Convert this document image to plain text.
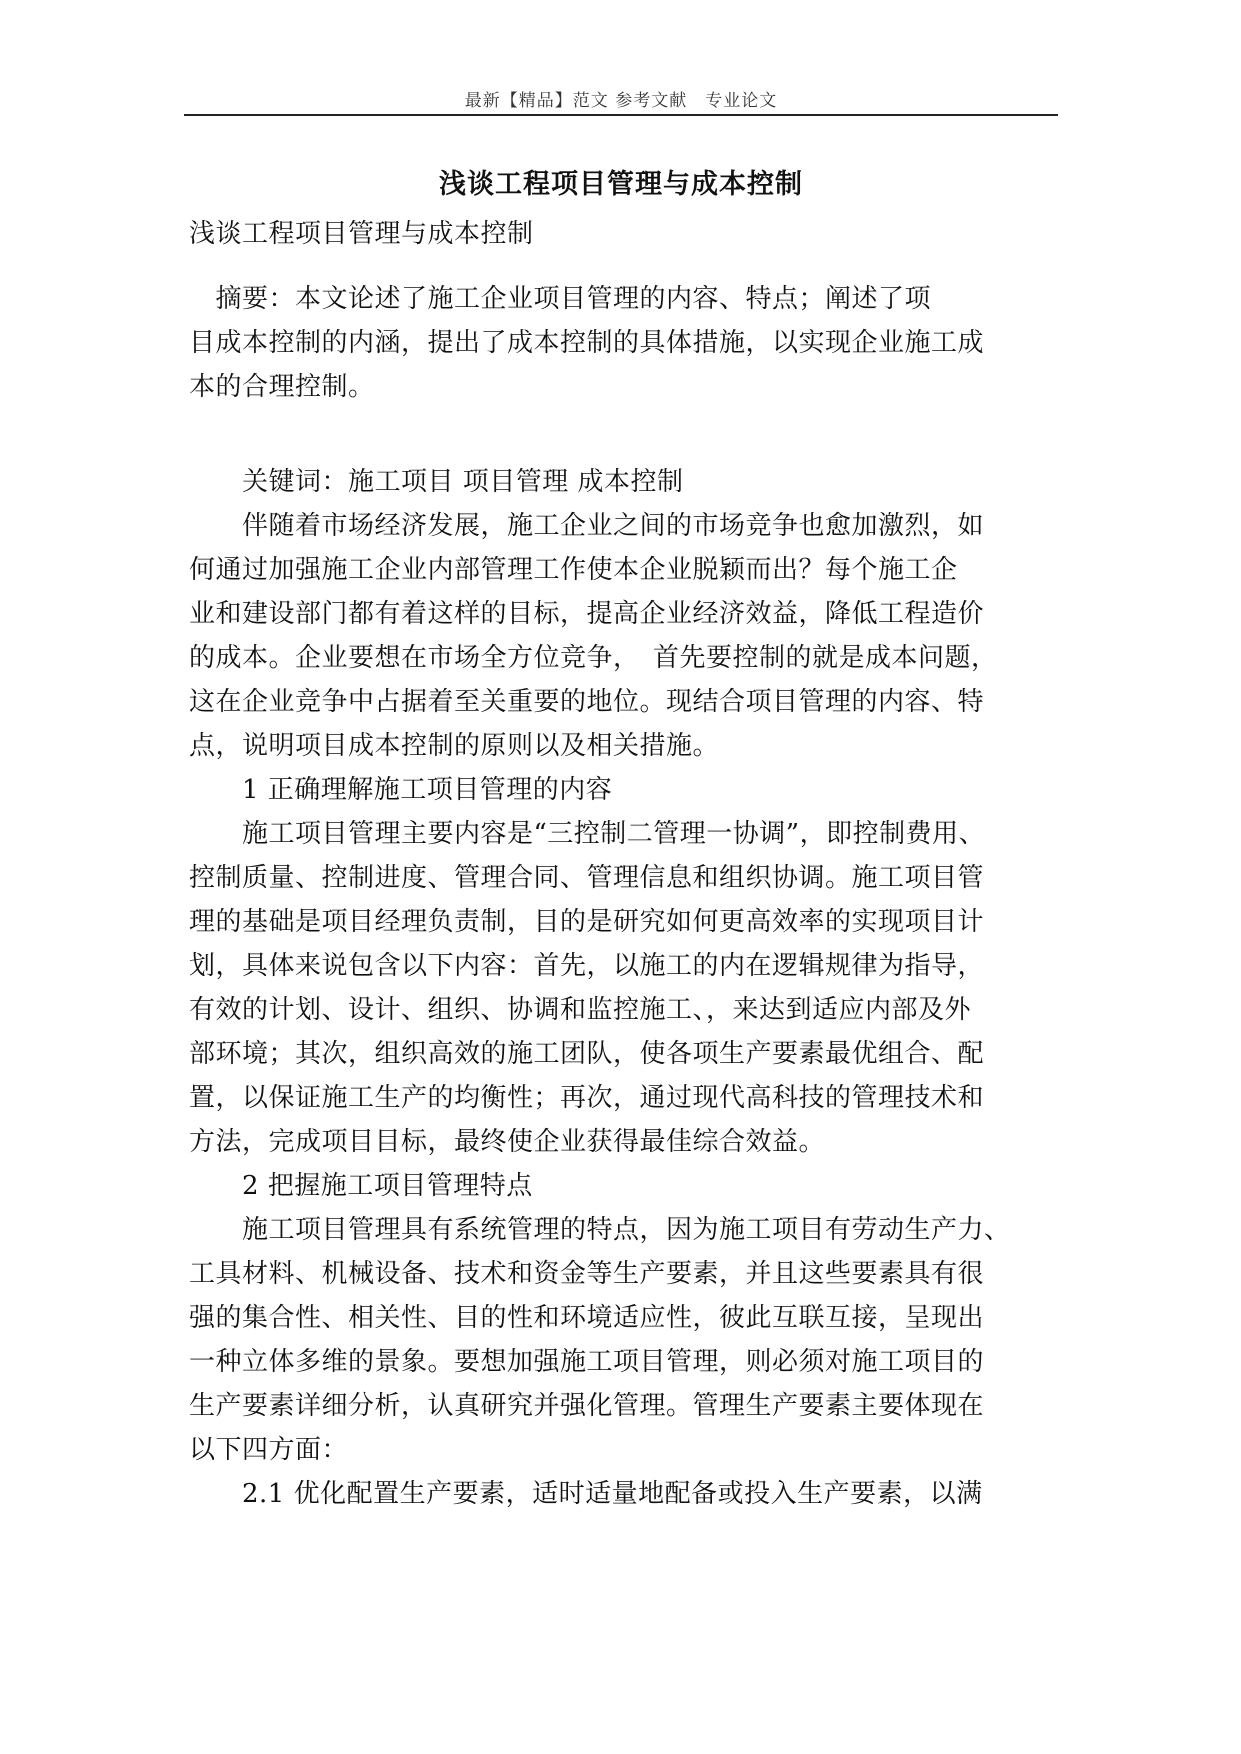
最新【精品】范文 参考文献　专业论文
浅谈工程项目管理与成本控制
浅谈工程项目管理与成本控制
　摘要：本文论述了施工企业项目管理的内容、特点；阐述了项
目成本控制的内涵，提出了成本控制的具体措施，以实现企业施工成
本的合理控制。
　　关键词：施工项目 项目管理 成本控制
　　伴随着市场经济发展，施工企业之间的市场竞争也愈加激烈，如
何通过加强施工企业内部管理工作使本企业脱颖而出？每个施工企
业和建设部门都有着这样的目标，提高企业经济效益，降低工程造价
的成本。企业要想在市场全方位竞争，　首先要控制的就是成本问题，
这在企业竞争中占据着至关重要的地位。现结合项目管理的内容、特
点，说明项目成本控制的原则以及相关措施。
　　1 正确理解施工项目管理的内容
　　施工项目管理主要内容是“三控制二管理一协调”，即控制费用、
控制质量、控制进度、管理合同、管理信息和组织协调。施工项目管
理的基础是项目经理负责制，目的是研究如何更高效率的实现项目计
划，具体来说包含以下内容：首先，以施工的内在逻辑规律为指导，
有效的计划、设计、组织、协调和监控施工、，来达到适应内部及外
部环境；其次，组织高效的施工团队，使各项生产要素最优组合、配
置，以保证施工生产的均衡性；再次，通过现代高科技的管理技术和
方法，完成项目目标，最终使企业获得最佳综合效益。
　　2 把握施工项目管理特点
　　施工项目管理具有系统管理的特点，因为施工项目有劳动生产力、
工具材料、机械设备、技术和资金等生产要素，并且这些要素具有很
强的集合性、相关性、目的性和环境适应性，彼此互联互接，呈现出
一种立体多维的景象。要想加强施工项目管理，则必须对施工项目的
生产要素详细分析，认真研究并强化管理。管理生产要素主要体现在
以下四方面：
　　2.1 优化配置生产要素，适时适量地配备或投入生产要素，以满
